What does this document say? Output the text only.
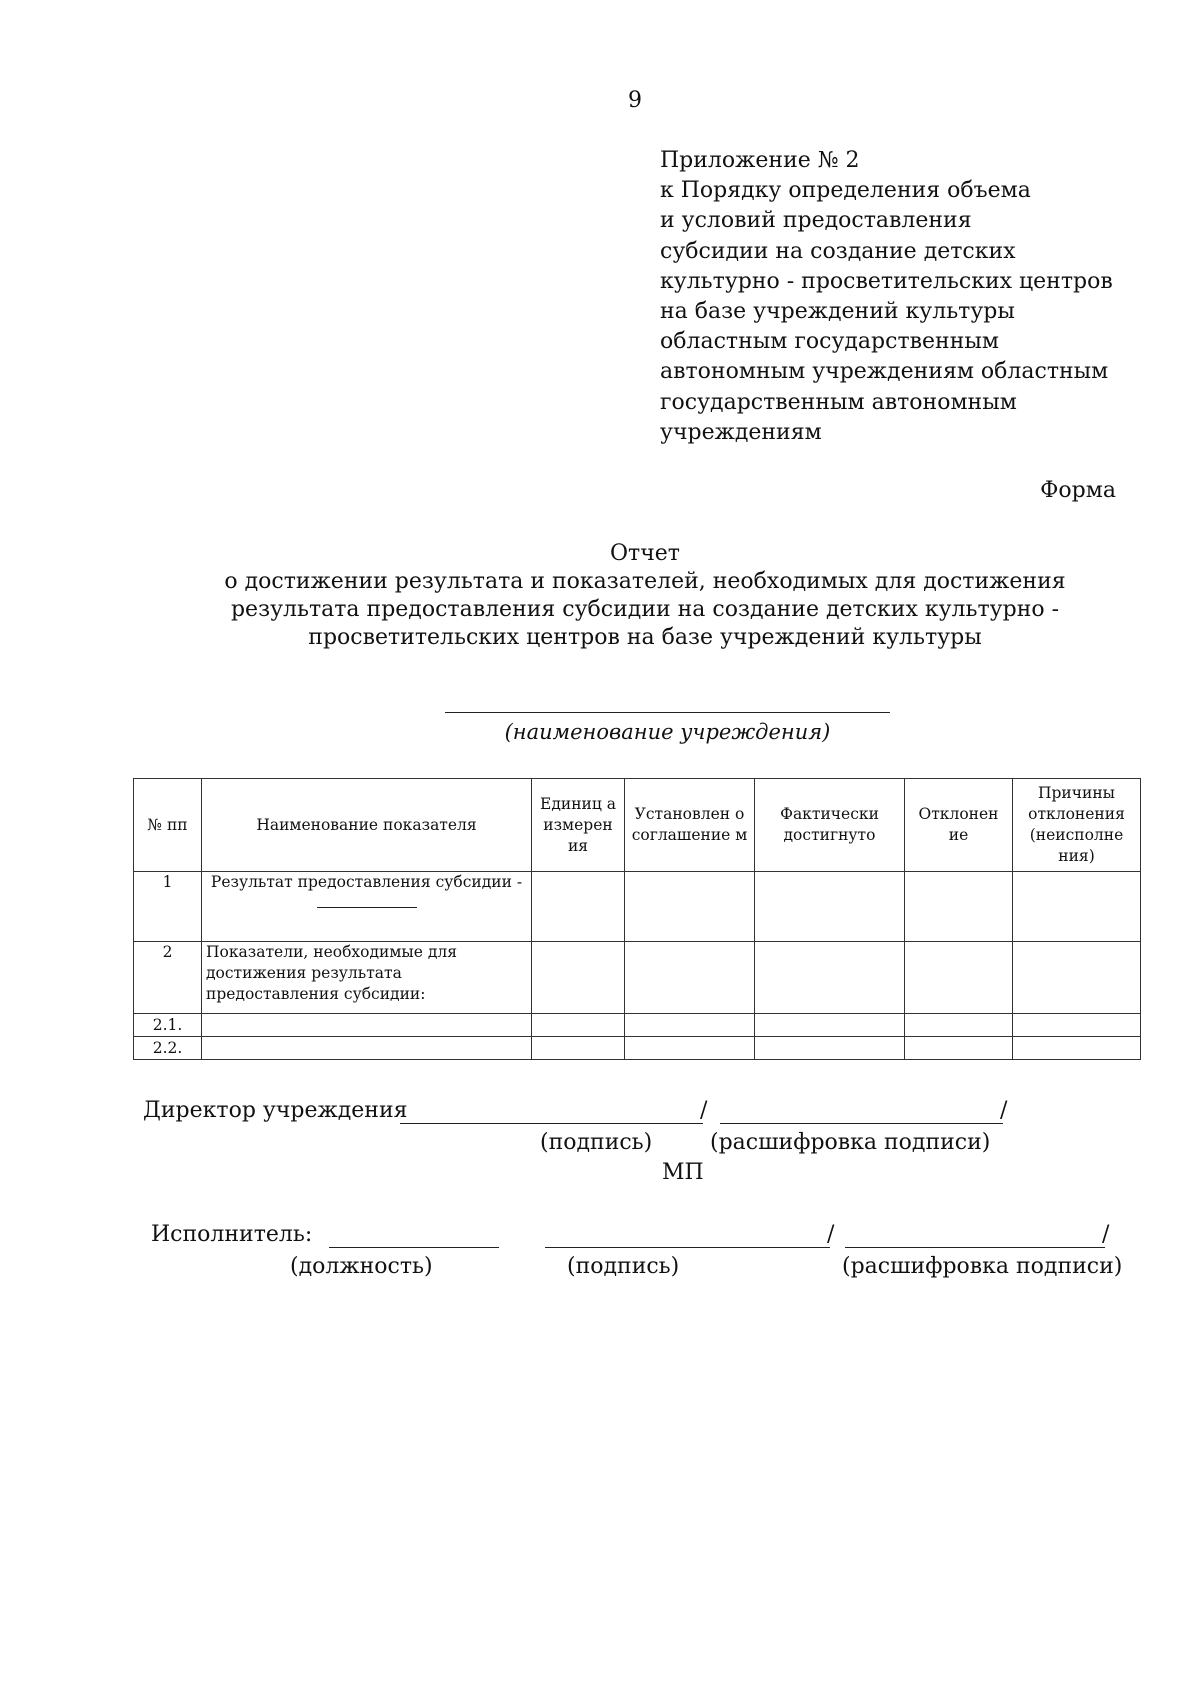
9
Приложение № 2
к Порядку определения объема
и условий предоставления
субсидии на создание детских
культурно - просветительских центров
на базе учреждений культуры
областным государственным
автономным учреждениям областным
государственным автономным
учреждениям
Форма
Отчет
о достижении результата и показателей, необходимых для достижения
результата предоставления субсидии на создание детских культурно -
просветительских центров на базе учреждений культуры
(наименование учреждения)
№ пп	Наименование показателя	Единиц а измерен ия	Установлен о соглашение м	Фактически достигнуто	Отклонен ие	Причины отклонения (неисполне ния)
1	Результат предоставления субсидии -					
2	Показатели, необходимые для достижения результата предоставления субсидии:					
2.1.						
2.2.						
Директор учреждения	/	/
(подпись)	(расшифровка подписи)
МП
Исполнитель:	/	/
(должность)	(подпись)	(расшифровка подписи)
